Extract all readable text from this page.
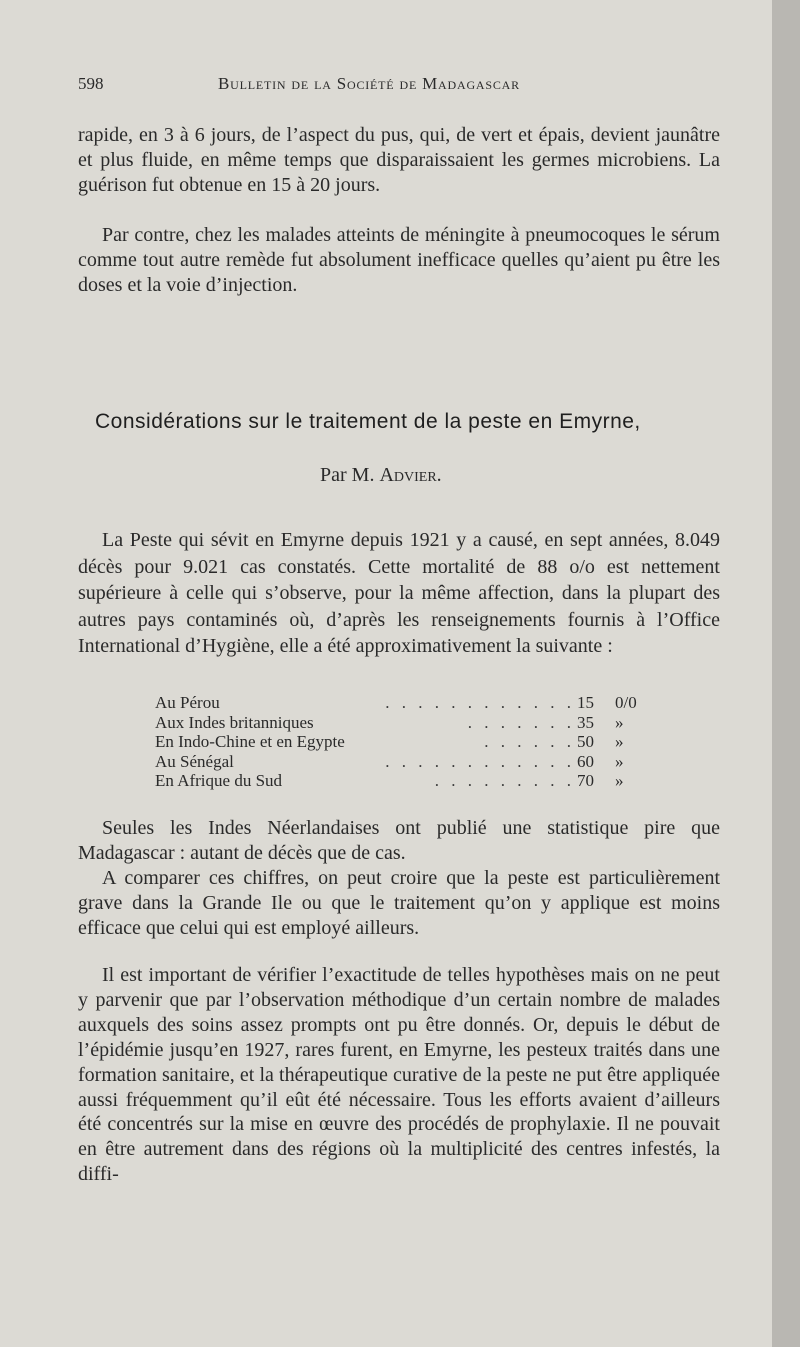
598	Bulletin de la Société de Madagascar

rapide, en 3 à 6 jours, de l’aspect du pus, qui, de vert et épais, devient jaunâtre et plus fluide, en même temps que disparaissaient les germes microbiens. La guérison fut obtenue en 15 à 20 jours.

Par contre, chez les malades atteints de méningite à pneumocoques le sérum comme tout autre remède fut absolument inefficace quelles qu’aient pu être les doses et la voie d’injection.

Considérations sur le traitement de la peste en Emyrne,
Par M. Advier.

La Peste qui sévit en Emyrne depuis 1921 y a causé, en sept années, 8.049 décès pour 9.021 cas constatés. Cette mortalité de 88 o/o est nettement supérieure à celle qui s’observe, pour la même affection, dans la plupart des autres pays contaminés où, d’après les renseignements fournis à l’Office International d’Hygiène, elle a été approximativement la suivante :

Au Pérou	. . . . . . . . . . . . 15 0/0
Aux Indes britanniques	. . . . . . . 35 »
En Indo-Chine et en Egypte	. . . . . . 50 »
Au Sénégal	. . . . . . . . . . . . 60 »
En Afrique du Sud	. . . . . . . . . 70 »

Seules les Indes Néerlandaises ont publié une statistique pire que Madagascar : autant de décès que de cas.

A comparer ces chiffres, on peut croire que la peste est particulièrement grave dans la Grande Ile ou que le traitement qu’on y applique est moins efficace que celui qui est employé ailleurs.

Il est important de vérifier l’exactitude de telles hypothèses mais on ne peut y parvenir que par l’observation méthodique d’un certain nombre de malades auxquels des soins assez prompts ont pu être donnés. Or, depuis le début de l’épidémie jusqu’en 1927, rares furent, en Emyrne, les pesteux traités dans une formation sanitaire, et la thérapeutique curative de la peste ne put être appliquée aussi fréquemment qu’il eût été nécessaire. Tous les efforts avaient d’ailleurs été concentrés sur la mise en œuvre des procédés de prophylaxie. Il ne pouvait en être autrement dans des régions où la multiplicité des centres infestés, la diffi-
